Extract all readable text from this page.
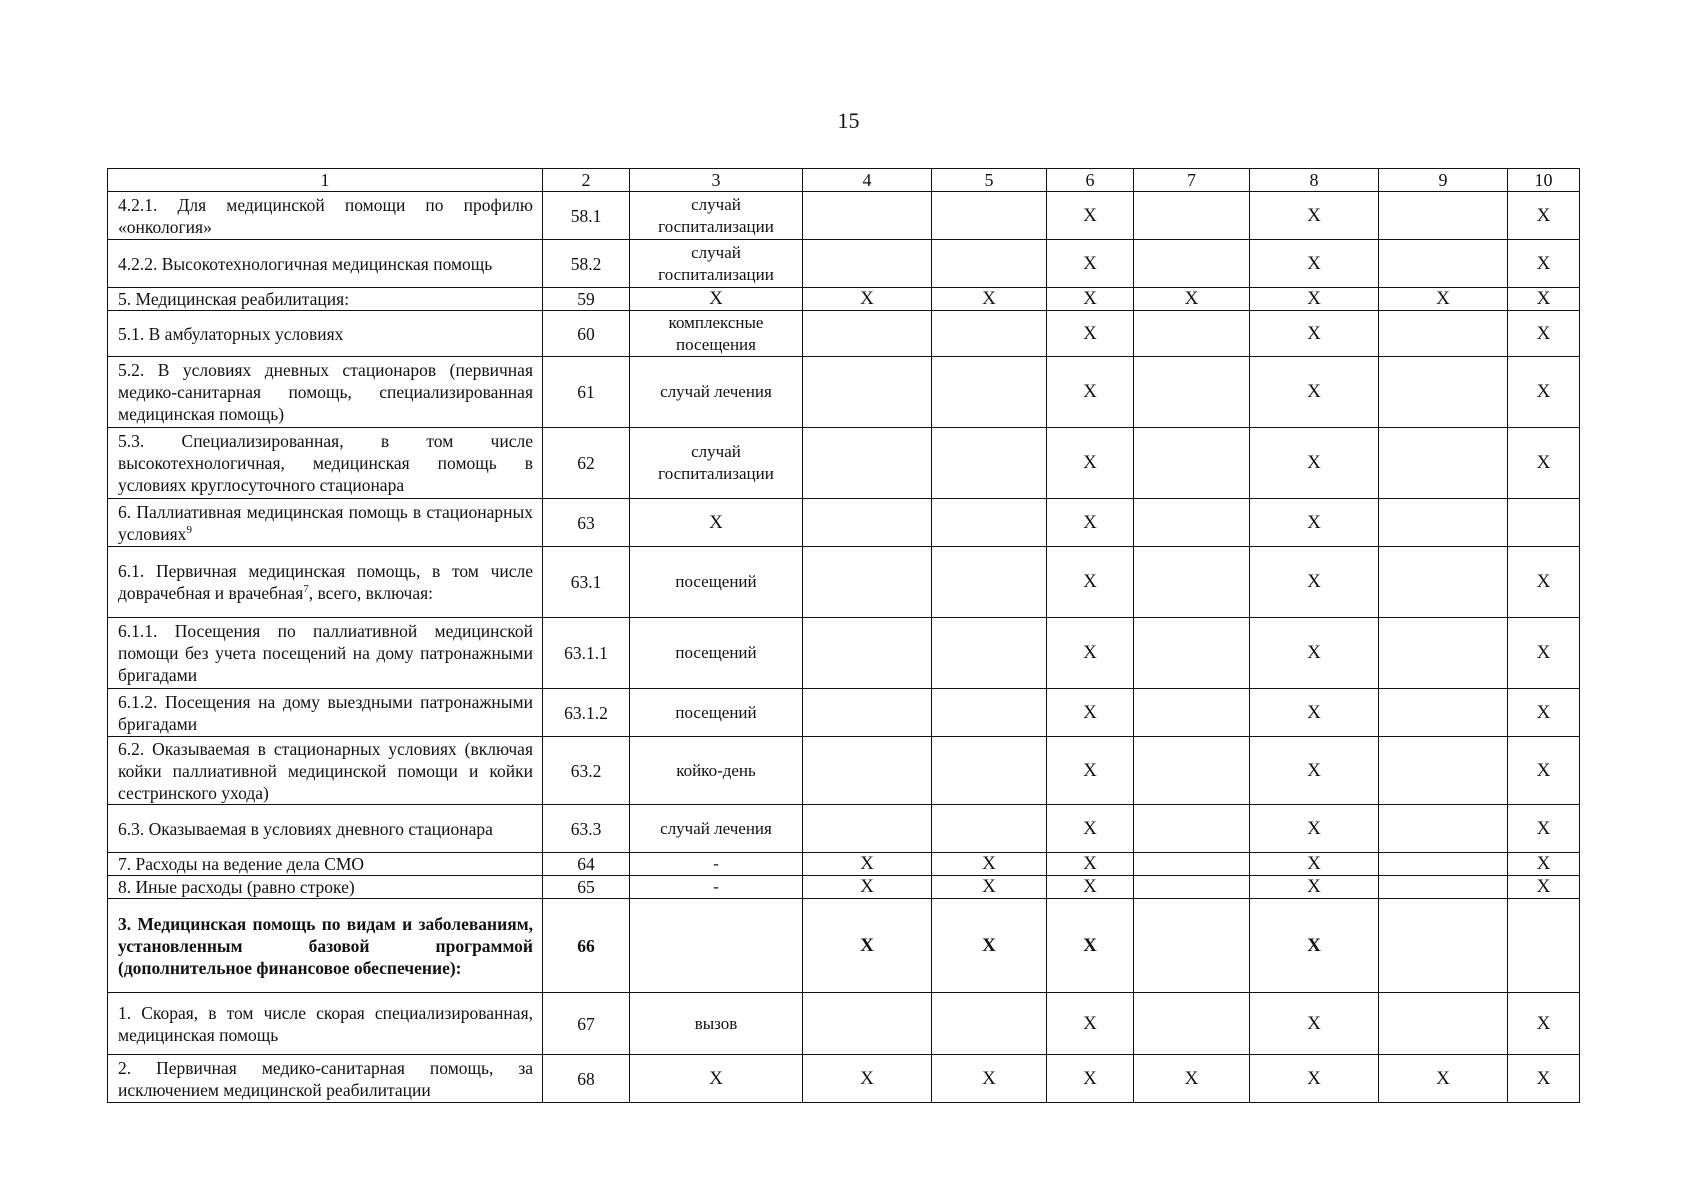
15
1	2	3	4	5	6	7	8	9	10
4.2.1. Для медицинской помощи по профилю «онкология»	58.1	случай госпитализации			X		X		X
4.2.2. Высокотехнологичная медицинская помощь	58.2	случай госпитализации			X		X		X
5. Медицинская реабилитация:	59	X	X	X	X	X	X	X	X
5.1. В амбулаторных условиях	60	комплексные посещения			X		X		X
5.2. В условиях дневных стационаров (первичная медико-санитарная помощь, специализированная медицинская помощь)	61	случай лечения			X		X		X
5.3. Специализированная, в том числе высокотехнологичная, медицинская помощь в условиях круглосуточного стационара	62	случай госпитализации			X		X		X
6. Паллиативная медицинская помощь в стационарных условиях$^9$	63	X			X		X		
6.1. Первичная медицинская помощь, в том числе доврачебная и врачебная$^7$, всего, включая:	63.1	посещений			X		X		X
6.1.1. Посещения по паллиативной медицинской помощи без учета посещений на дому патронажными бригадами	63.1.1	посещений			X		X		X
6.1.2. Посещения на дому выездными патронажными бригадами	63.1.2	посещений			X		X		X
6.2. Оказываемая в стационарных условиях (включая койки паллиативной медицинской помощи и койки сестринского ухода)	63.2	койко-день			X		X		X
6.3. Оказываемая в условиях дневного стационара	63.3	случай лечения			X		X		X
7. Расходы на ведение дела СМО	64	-	X	X	X		X		X
8. Иные расходы (равно строке)	65	-	X	X	X		X		X
3. Медицинская помощь по видам и заболеваниям, установленным базовой программой (дополнительное финансовое обеспечение):	66		X	X	X		X		
1. Скорая, в том числе скорая специализированная, медицинская помощь	67	вызов			X		X		X
2. Первичная медико-санитарная помощь, за исключением медицинской реабилитации	68	X	X	X	X	X	X	X	X
